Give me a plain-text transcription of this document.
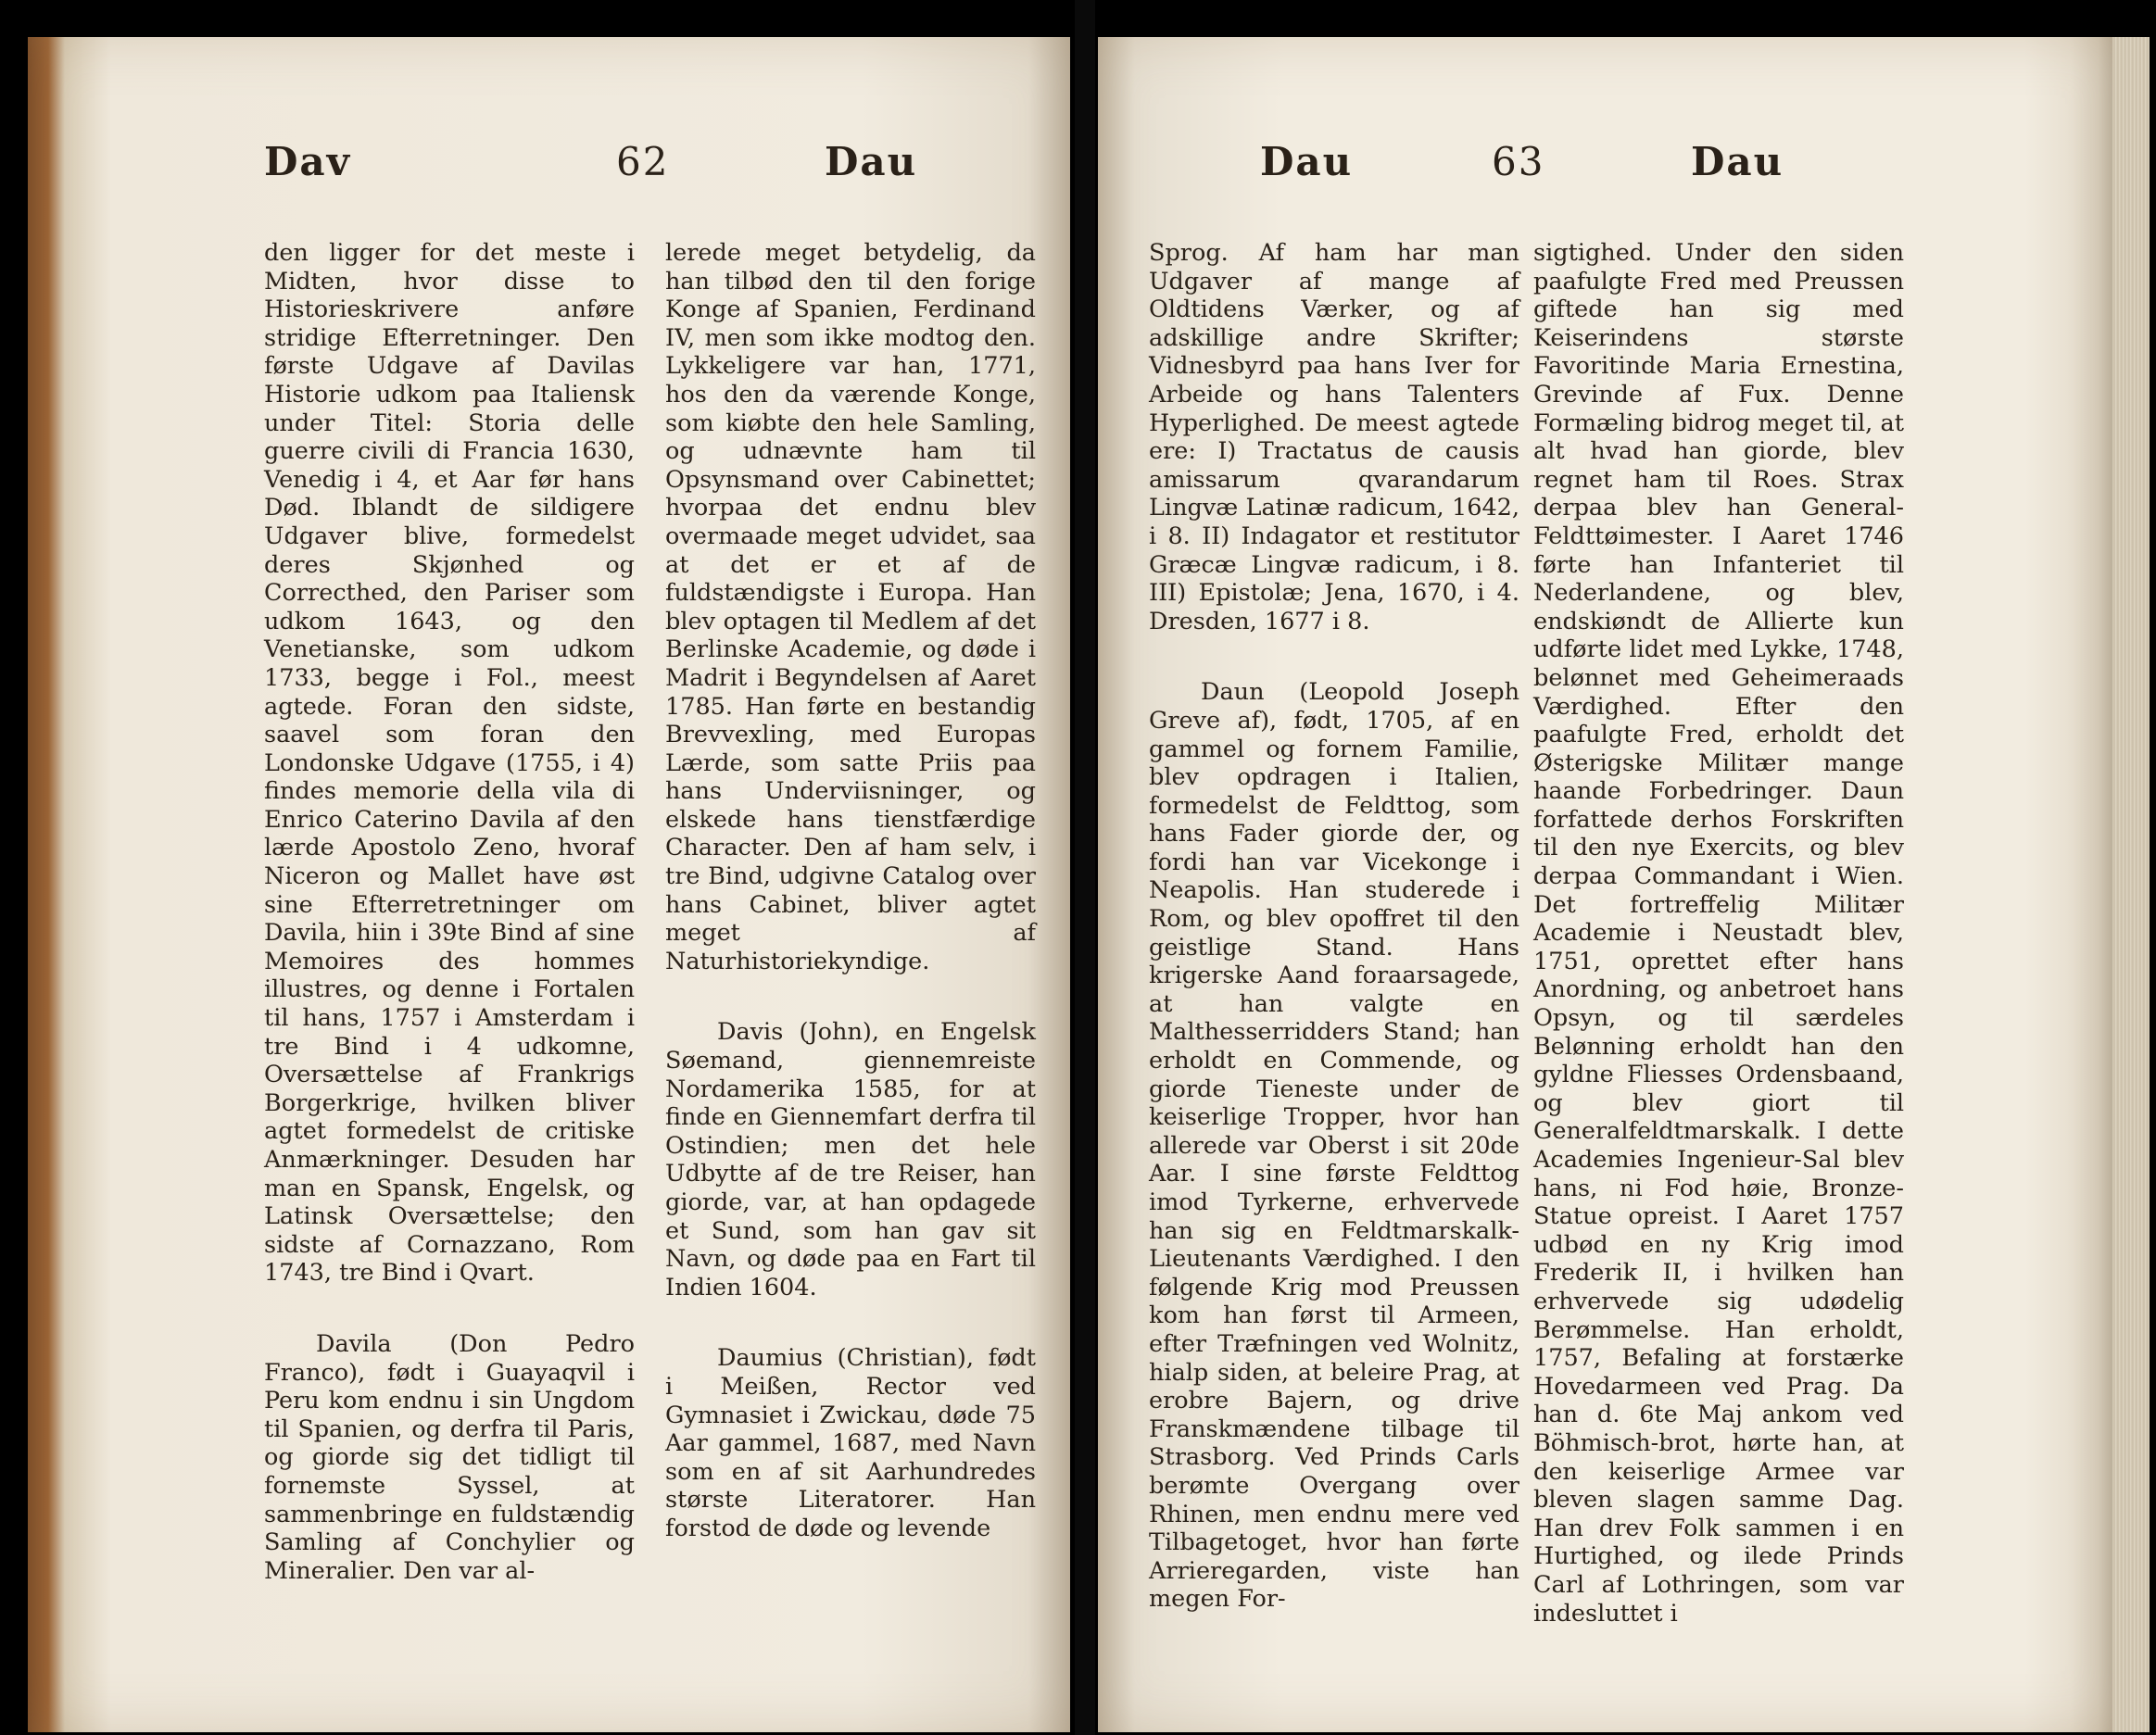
Dav	62	Dau

den ligger for det meste i Midten, hvor disse to Historieskrivere anføre stridige Efterretninger. Den første Udgave af Davilas Historie udkom paa Italiensk under Titel: Storia delle guerre civili di Francia 1630, Venedig i 4, et Aar før hans Død. Iblandt de sildigere Udgaver blive, formedelst deres Skjønhed og Correcthed, den Pariser som udkom 1643, og den Venetianske, som udkom 1733, begge i Fol., meest agtede. Foran den sidste, saavel som foran den Londonske Udgave (1755, i 4) findes memorie della vila di Enrico Caterino Davila af den lærde Apostolo Zeno, hvoraf Niceron og Mallet have øst sine Efterretretninger om Davila, hiin i 39te Bind af sine Memoires des hommes illustres, og denne i Fortalen til hans, 1757 i Amsterdam i tre Bind i 4 udkomne, Oversættelse af Frankrigs Borgerkrige, hvilken bliver agtet formedelst de critiske Anmærkninger. Desuden har man en Spansk, Engelsk, og Latinsk Oversættelse; den sidste af Cornazzano, Rom 1743, tre Bind i Qvart.

Davila (Don Pedro Franco), født i Guayaqvil i Peru kom endnu i sin Ungdom til Spanien, og derfra til Paris, og giorde sig det tidligt til fornemste Syssel, at sammenbringe en fuldstændig Samling af Conchylier og Mineralier. Den var al-

lerede meget betydelig, da han tilbød den til den forige Konge af Spanien, Ferdinand IV, men som ikke modtog den. Lykkeligere var han, 1771, hos den da værende Konge, som kiøbte den hele Samling, og udnævnte ham til Opsynsmand over Cabinettet; hvorpaa det endnu blev overmaade meget udvidet, saa at det er et af de fuldstændigste i Europa. Han blev optagen til Medlem af det Berlinske Academie, og døde i Madrit i Begyndelsen af Aaret 1785. Han førte en bestandig Brevvexling, med Europas Lærde, som satte Priis paa hans Underviisninger, og elskede hans tienstfærdige Character. Den af ham selv, i tre Bind, udgivne Catalog over hans Cabinet, bliver agtet meget af Naturhistoriekyndige.

Davis (John), en Engelsk Søemand, giennemreiste Nordamerika 1585, for at finde en Giennemfart derfra til Ostindien; men det hele Udbytte af de tre Reiser, han giorde, var, at han opdagede et Sund, som han gav sit Navn, og døde paa en Fart til Indien 1604.

Daumius (Christian), født i Meißen, Rector ved Gymnasiet i Zwickau, døde 75 Aar gammel, 1687, med Navn som en af sit Aarhundredes største Literatorer. Han forstod de døde og levende

Dau	63	Dau

Sprog. Af ham har man Udgaver af mange af Oldtidens Værker, og af adskillige andre Skrifter; Vidnesbyrd paa hans Iver for Arbeide og hans Talenters Hyperlighed. De meest agtede ere: I) Tractatus de causis amissarum qvarandarum Lingvæ Latinæ radicum, 1642, i 8. II) Indagator et restitutor Græcæ Lingvæ radicum, i 8. III) Epistolæ; Jena, 1670, i 4. Dresden, 1677 i 8.

Daun (Leopold Joseph Greve af), født, 1705, af en gammel og fornem Familie, blev opdragen i Italien, formedelst de Feldttog, som hans Fader giorde der, og fordi han var Vicekonge i Neapolis. Han studerede i Rom, og blev opoffret til den geistlige Stand. Hans krigerske Aand foraarsagede, at han valgte en Malthesserridders Stand; han erholdt en Commende, og giorde Tieneste under de keiserlige Tropper, hvor han allerede var Oberst i sit 20de Aar. I sine første Feldttog imod Tyrkerne, erhvervede han sig en Feldtmarskalk-Lieutenants Værdighed. I den følgende Krig mod Preussen kom han først til Armeen, efter Træfningen ved Wolnitz, hialp siden, at beleire Prag, at erobre Bajern, og drive Franskmændene tilbage til Strasborg. Ved Prinds Carls berømte Overgang over Rhinen, men endnu mere ved Tilbagetoget, hvor han førte Arrieregarden, viste han megen For-

sigtighed. Under den siden paafulgte Fred med Preussen giftede han sig med Keiserindens største Favoritinde Maria Ernestina, Grevinde af Fux. Denne Formæling bidrog meget til, at alt hvad han giorde, blev regnet ham til Roes. Strax derpaa blev han General-Feldttøimester. I Aaret 1746 førte han Infanteriet til Nederlandene, og blev, endskiøndt de Allierte kun udførte lidet med Lykke, 1748, belønnet med Geheimeraads Værdighed. Efter den paafulgte Fred, erholdt det Østerigske Militær mange haande Forbedringer. Daun forfattede derhos Forskriften til den nye Exercits, og blev derpaa Commandant i Wien. Det fortreffelig Militær Academie i Neustadt blev, 1751, oprettet efter hans Anordning, og anbetroet hans Opsyn, og til særdeles Belønning erholdt han den gyldne Fliesses Ordensbaand, og blev giort til Generalfeldtmarskalk. I dette Academies Ingenieur-Sal blev hans, ni Fod høie, Bronze-Statue opreist. I Aaret 1757 udbød en ny Krig imod Frederik II, i hvilken han erhvervede sig udødelig Berømmelse. Han erholdt, 1757, Befaling at forstærke Hovedarmeen ved Prag. Da han d. 6te Maj ankom ved Böhmisch-brot, hørte han, at den keiserlige Armee var bleven slagen samme Dag. Han drev Folk sammen i en Hurtighed, og ilede Prinds Carl af Lothringen, som var indesluttet i
